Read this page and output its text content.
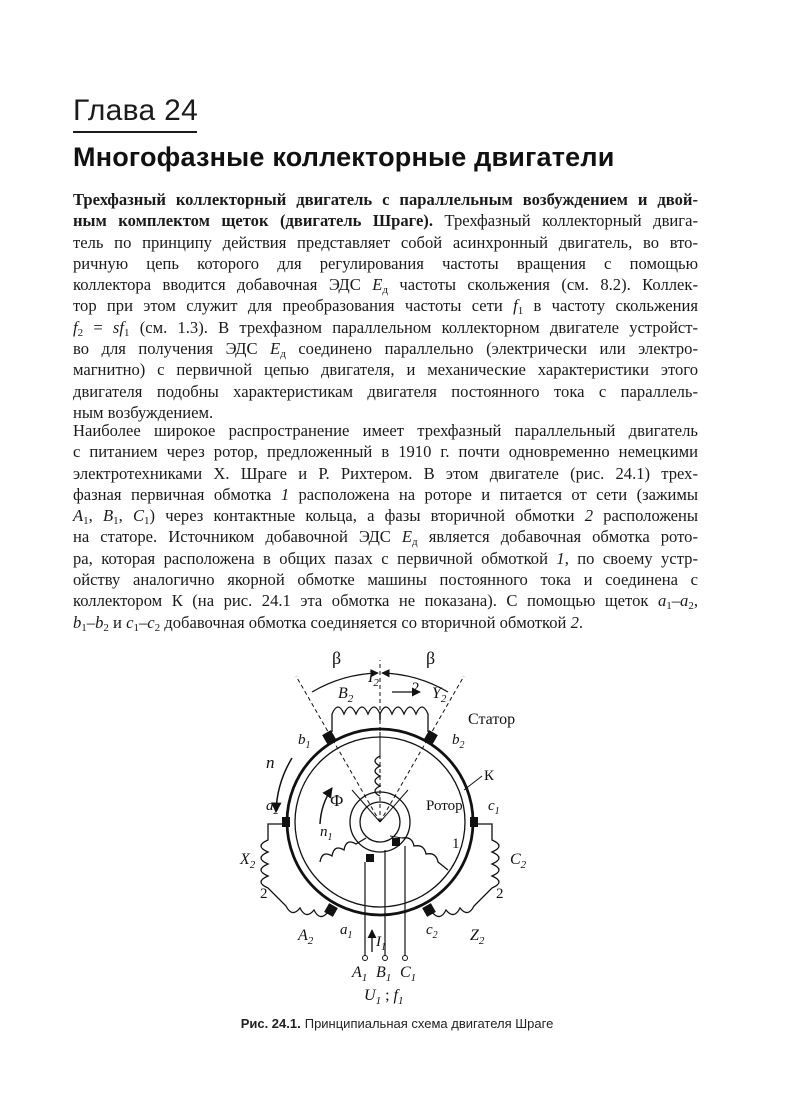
Глава 24
Многофазные коллекторные двигатели
Трехфазный коллекторный двигатель с параллельным возбуждением и двой-
ным комплектом щеток (двигатель Шраге). Трехфазный коллекторный двига-
тель по принципу действия представляет собой асинхронный двигатель, во вто-
ричную цепь которого для регулирования частоты вращения с помощью
коллектора вводится добавочная ЭДС $E_д$ частоты скольжения (см. 8.2). Коллек-
тор при этом служит для преобразования частоты сети $f_1$ в частоту скольжения
$f_2 = sf_1$ (см. 1.3). В трехфазном параллельном коллекторном двигателе устройст-
во для получения ЭДС $E_д$ соединено параллельно (электрически или электро-
магнитно) с первичной цепью двигателя, и механические характеристики этого
двигателя подобны характеристикам двигателя постоянного тока с параллель-
ным возбуждением.
Наиболее широкое распространение имеет трехфазный параллельный двигатель
с питанием через ротор, предложенный в 1910 г. почти одновременно немецкими
электротехниками Х. Шраге и Р. Рихтером. В этом двигателе (рис. 24.1) трех-
фазная первичная обмотка 1 расположена на роторе и питается от сети (зажимы
$A_1$, $B_1$, $C_1$) через контактные кольца, а фазы вторичной обмотки 2 расположены
на статоре. Источником добавочной ЭДС $E_д$ является добавочная обмотка рото-
ра, которая расположена в общих пазах с первичной обмоткой 1, по своему устр-
ойству аналогично якорной обмотке машины постоянного тока и соединена с
коллектором К (на рис. 24.1 эта обмотка не показана). С помощью щеток $a_1-a_2$,
$b_1-b_2$ и $c_1-c_2$ добавочная обмотка соединяется со вторичной обмоткой 2.
β	β
$I_2$ 2
$B_2$	$Y_2$
Статор
К
$b_1$	$b_2$
$a_2$	$c_1$
n
Ф
$n_1$
Ротор
1
$X_2$	$C_2$
2	2
$A_2$
$a_1$ $I_1$
$c_2$ $Z_2$
$A_1$ $B_1$ $C_1$
$U_1$ ; $f_1$
Рис. 24.1. Принципиальная схема двигателя Шраге
